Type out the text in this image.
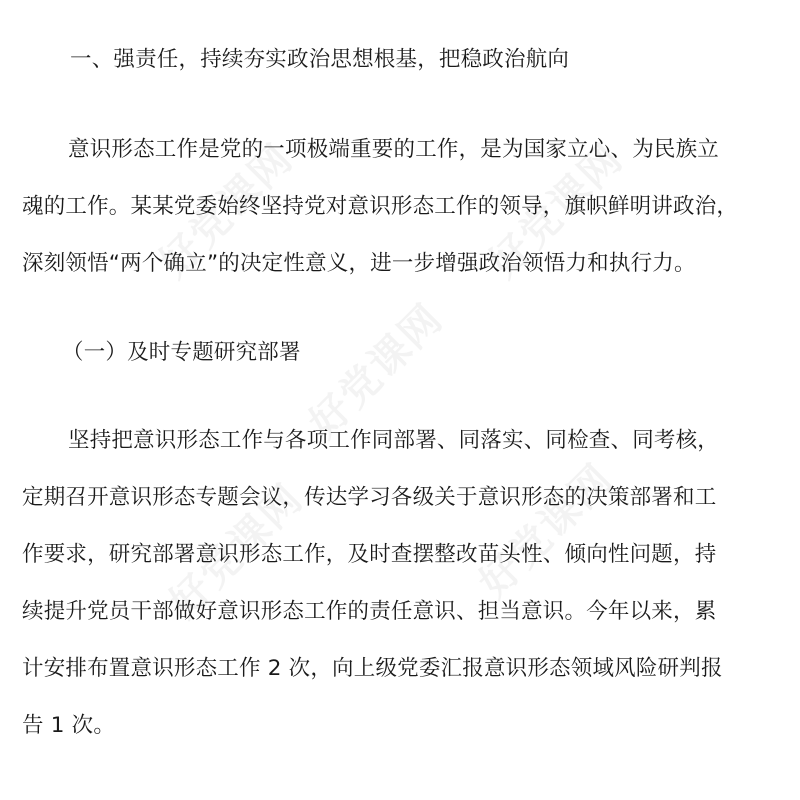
好党课网	好党课网
好党课网
好党课网	好党课网
一、强责任，持续夯实政治思想根基，把稳政治航向
意识形态工作是党的一项极端重要的工作，是为国家立心、为民族立
魂的工作。某某党委始终坚持党对意识形态工作的领导，旗帜鲜明讲政治，
深刻领悟“两个确立”的决定性意义，进一步增强政治领悟力和执行力。
（一）及时专题研究部署
坚持把意识形态工作与各项工作同部署、同落实、同检查、同考核，
定期召开意识形态专题会议，传达学习各级关于意识形态的决策部署和工
作要求，研究部署意识形态工作，及时查摆整改苗头性、倾向性问题，持
续提升党员干部做好意识形态工作的责任意识、担当意识。今年以来，累
计安排布置意识形态工作 2 次，向上级党委汇报意识形态领域风险研判报
告 1 次。
